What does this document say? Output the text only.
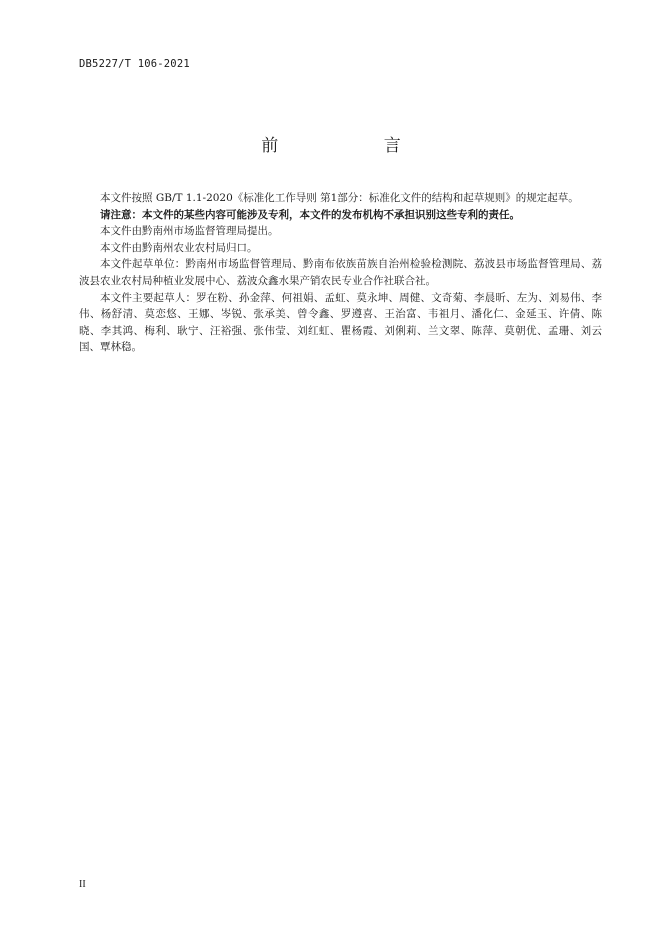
DB5227/T 106-2021
前 言

本文件按照 GB/T 1.1-2020《标准化工作导则 第1部分：标准化文件的结构和起草规则》的规定起草。

请注意：本文件的某些内容可能涉及专利，本文件的发布机构不承担识别这些专利的责任。

本文件由黔南州市场监督管理局提出。

本文件由黔南州农业农村局归口。

本文件起草单位：黔南州市场监督管理局、黔南布依族苗族自治州检验检测院、荔波县市场监督管理局、荔波县农业农村局种植业发展中心、荔波众鑫水果产销农民专业合作社联合社。

本文件主要起草人：罗在粉、孙金萍、何祖娟、孟虹、莫永坤、周健、文奇菊、李晨昕、左为、刘易伟、李伟、杨舒清、莫恋悠、王娜、岑锐、张承美、曾令鑫、罗遵喜、王治富、韦祖月、潘化仁、金延玉、许倩、陈晓、李其鸿、梅利、耿宁、汪裕强、张伟莹、刘红虹、瞿杨霞、刘俐莉、兰文翠、陈萍、莫朝优、孟珊、刘云国、覃林稳。

II
